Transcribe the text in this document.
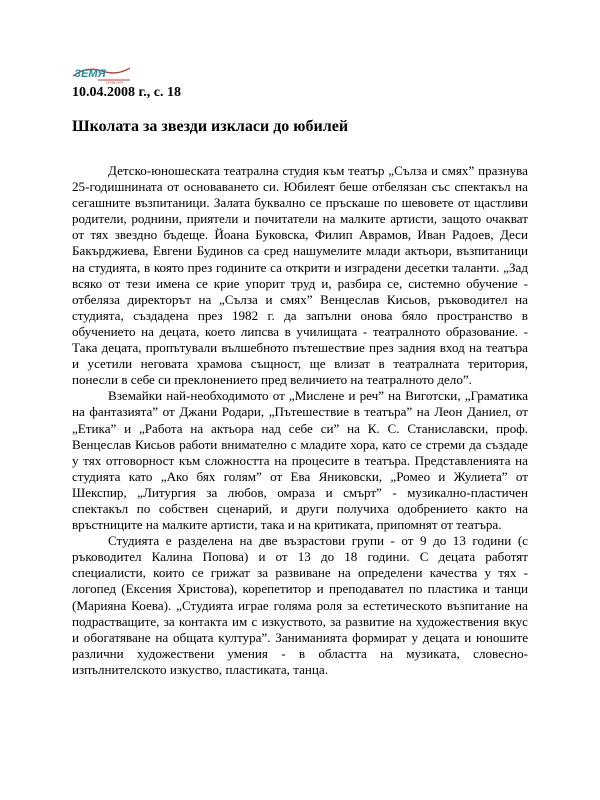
ЗЕМЯ
zemia.com
10.04.2008 г., с. 18
Школата за звезди изкласи до юбилей

Детско-юношеската театрална студия към театър „Сълза и смях” празнува 25-годишнината от основаването си. Юбилеят беше отбелязан със спектакъл на сегашните възпитаници. Залата буквално се пръскаше по шевовете от щастливи родители, роднини, приятели и почитатели на малките артисти, защото очакват от тях звездно бъдеще. Йоана Буковска, Филип Аврамов, Иван Радоев, Деси Бакърджиева, Евгени Будинов са сред нашумелите млади актьори, възпитаници на студията, в която през годините са открити и изградени десетки таланти. „Зад всяко от тези имена се крие упорит труд и, разбира се, системно обучение - отбеляза директорът на „Сълза и смях” Венцеслав Кисьов, ръководител на студията, създадена през 1982 г. да запълни онова бяло пространство в обучението на децата, което липсва в училищата - театралното образование. - Така децата, пропътували вълшебното пътешествие през задния вход на театъра и усетили неговата храмова същност, ще влизат в театралната територия, понесли в себе си преклонението пред величието на театралното дело”.

Вземайки най-необходимото от „Мислене и реч” на Виготски, „Граматика на фантазията” от Джани Родари, „Пътешествие в театъра” на Леон Даниел, от „Етика” и „Работа на актьора над себе си” на К. С. Станиславски, проф. Венцеслав Кисьов работи внимателно с младите хора, като се стреми да създаде у тях отговорност към сложността на процесите в театъра. Представленията на студията като „Ако бях голям” от Ева Яниковски, „Ромео и Жулиета” от Шекспир, „Литургия за любов, омраза и смърт” - музикално-пластичен спектакъл по собствен сценарий, и други получиха одобрението както на връстниците на малките артисти, така и на критиката, припомнят от театъра.

Студията е разделена на две възрастови групи - от 9 до 13 години (с ръководител Калина Попова) и от 13 до 18 години. С децата работят специалисти, които се грижат за развиване на определени качества у тях - логопед (Ексения Христова), корепетитор и преподавател по пластика и танци (Марияна Коева). „Студията играе голяма роля за естетическото възпитание на подрастващите, за контакта им с изкуството, за развитие на художествения вкус и обогатяване на общата култура”. Заниманията формират у децата и юношите различни художествени умения - в областта на музиката, словесно-изпълнителското изкуство, пластиката, танца.
